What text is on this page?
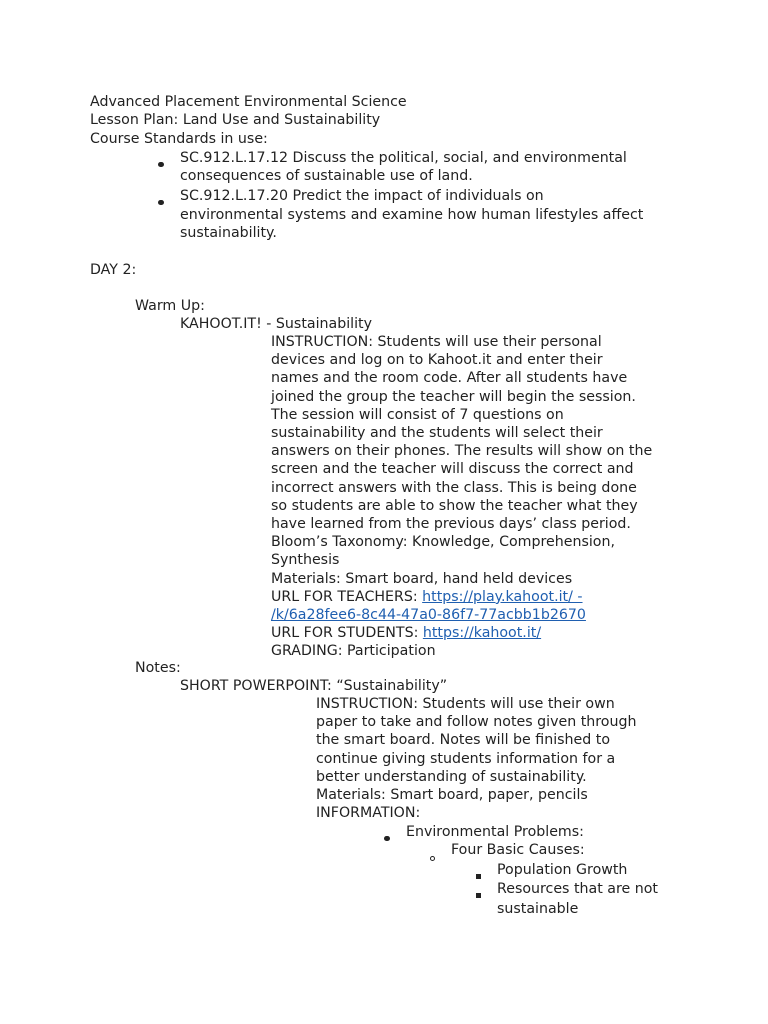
Advanced Placement Environmental Science
Lesson Plan: Land Use and Sustainability
Course Standards in use:
SC.912.L.17.12 Discuss the political, social, and environmental
consequences of sustainable use of land.
SC.912.L.17.20 Predict the impact of individuals on
environmental systems and examine how human lifestyles affect
sustainability.
DAY 2:
Warm Up:
KAHOOT.IT! - Sustainability

INSTRUCTION: Students will use their personal

devices and log on to Kahoot.it and enter their

names and the room code. After all students have

joined the group the teacher will begin the session.

The session will consist of 7 questions on

sustainability and the students will select their

answers on their phones. The results will show on the

screen and the teacher will discuss the correct and

incorrect answers with the class. This is being done

so students are able to show the teacher what they

have learned from the previous days’ class period.

Bloom’s Taxonomy: Knowledge, Comprehension,

Synthesis

Materials: Smart board, hand held devices

URL FOR TEACHERS: https://play.kahoot.it/ -

/k/6a28fee6-8c44-47a0-86f7-77acbb1b2670

URL FOR STUDENTS: https://kahoot.it/

GRADING: Participation

Notes:
SHORT POWERPOINT: “Sustainability”

INSTRUCTION: Students will use their own

paper to take and follow notes given through

the smart board. Notes will be finished to

continue giving students information for a

better understanding of sustainability.

Materials: Smart board, paper, pencils

INFORMATION:

Environmental Problems:
Four Basic Causes:
Population Growth
Resources that are not
sustainable
